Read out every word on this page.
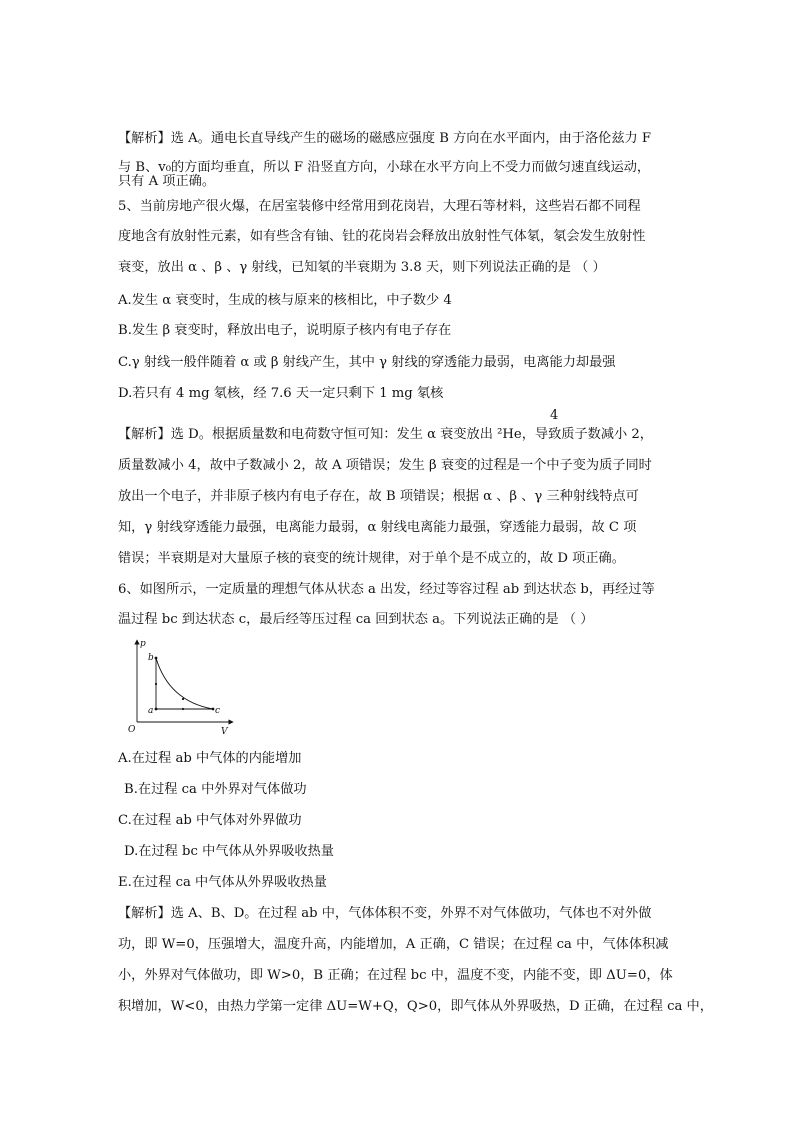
【解析】选 A。通电长直导线产生的磁场的磁感应强度 B 方向在水平面内，由于洛伦兹力 F
与 B、v₀的方面均垂直，所以 F 沿竖直方向，小球在水平方向上不受力而做匀速直线运动，
只有 A 项正确。
5、当前房地产很火爆，在居室装修中经常用到花岗岩，大理石等材料，这些岩石都不同程
度地含有放射性元素，如有些含有铀、钍的花岗岩会释放出放射性气体氡，氡会发生放射性
衰变，放出 α 、β 、γ 射线，已知氡的半衰期为 3.8 天，则下列说法正确的是 （ ）
A.发生 α 衰变时，生成的核与原来的核相比，中子数少 4
B.发生 β 衰变时，释放出电子，说明原子核内有电子存在
C.γ 射线一般伴随着 α 或 β 射线产生，其中 γ 射线的穿透能力最弱，电离能力却最强
D.若只有 4 mg 氡核，经 7.6 天一定只剩下 1 mg 氡核
4
【解析】选 D。根据质量数和电荷数守恒可知：发生 α 衰变放出 ²He，导致质子数减小 2，
质量数减小 4，故中子数减小 2，故 A 项错误；发生 β 衰变的过程是一个中子变为质子同时
放出一个电子，并非原子核内有电子存在，故 B 项错误；根据 α 、β 、γ 三种射线特点可
知，γ 射线穿透能力最强，电离能力最弱，α 射线电离能力最强，穿透能力最弱，故 C 项
错误；半衰期是对大量原子核的衰变的统计规律，对于单个是不成立的，故 D 项正确。
6、如图所示，一定质量的理想气体从状态 a 出发，经过等容过程 ab 到达状态 b，再经过等
温过程 bc 到达状态 c，最后经等压过程 ca 回到状态 a。下列说法正确的是 （ ）
p
V
O
a
b
c
A.在过程 ab 中气体的内能增加
B.在过程 ca 中外界对气体做功
C.在过程 ab 中气体对外界做功
D.在过程 bc 中气体从外界吸收热量
E.在过程 ca 中气体从外界吸收热量
【解析】选 A、B、D。在过程 ab 中，气体体积不变，外界不对气体做功，气体也不对外做
功，即 W=0，压强增大，温度升高，内能增加，A 正确，C 错误；在过程 ca 中，气体体积减
小，外界对气体做功，即 W>0，B 正确；在过程 bc 中，温度不变，内能不变，即 ΔU=0，体
积增加，W<0，由热力学第一定律 ΔU=W+Q，Q>0，即气体从外界吸热，D 正确，在过程 ca 中，
